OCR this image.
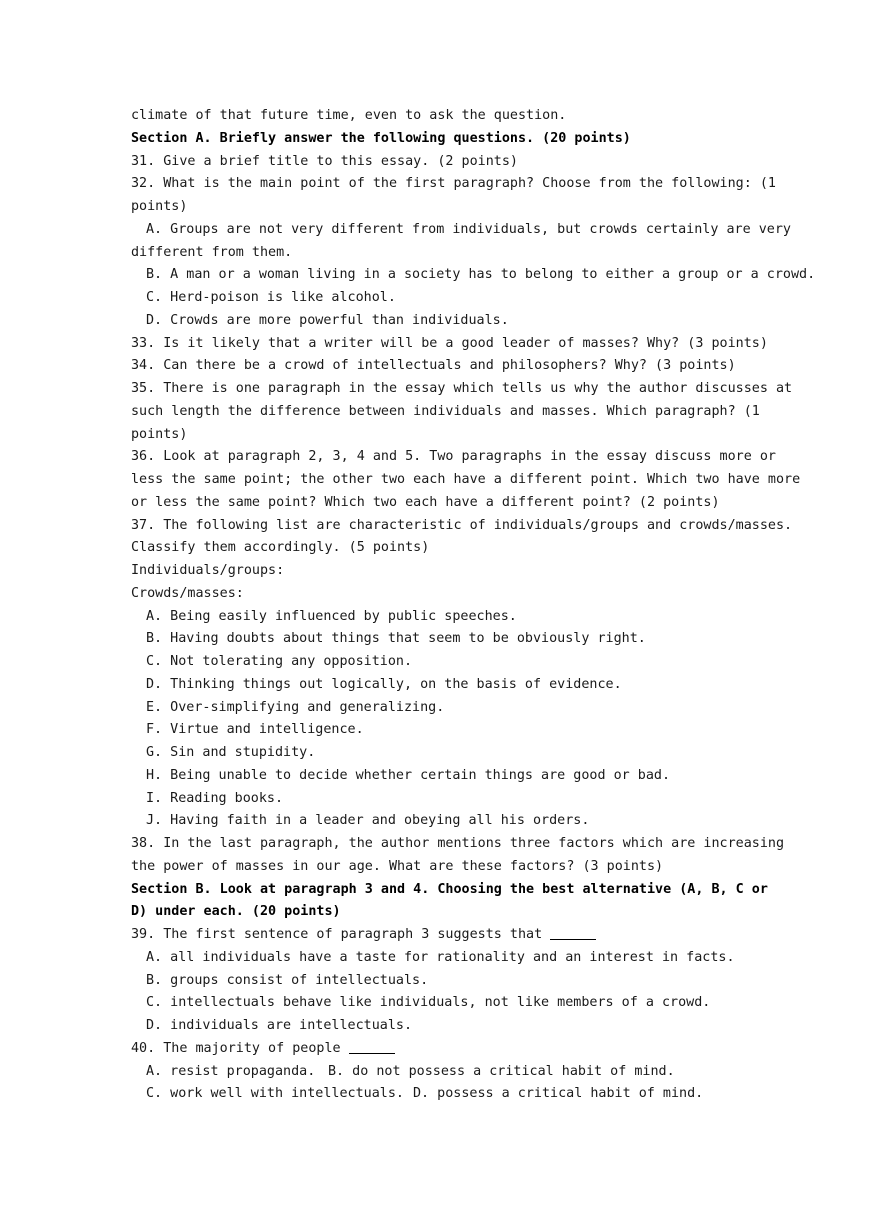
climate of that future time, even to ask the question.
Section A. Briefly answer the following questions. (20 points)
31. Give a brief title to this essay. (2 points)
32. What is the main point of the first paragraph? Choose from the following: (1
points)
A. Groups are not very different from individuals, but crowds certainly are very
different from them.
B. A man or a woman living in a society has to belong to either a group or a crowd.
C. Herd-poison is like alcohol.
D. Crowds are more powerful than individuals.
33. Is it likely that a writer will be a good leader of masses? Why? (3 points)
34. Can there be a crowd of intellectuals and philosophers? Why? (3 points)
35. There is one paragraph in the essay which tells us why the author discusses at
such length the difference between individuals and masses. Which paragraph? (1
points)
36. Look at paragraph 2, 3, 4 and 5. Two paragraphs in the essay discuss more or
less the same point; the other two each have a different point. Which two have more
or less the same point? Which two each have a different point? (2 points)
37. The following list are characteristic of individuals/groups and crowds/masses.
Classify them accordingly. (5 points)
Individuals/groups:
Crowds/masses:
A. Being easily influenced by public speeches.
B. Having doubts about things that seem to be obviously right.
C. Not tolerating any opposition.
D. Thinking things out logically, on the basis of evidence.
E. Over-simplifying and generalizing.
F. Virtue and intelligence.
G. Sin and stupidity.
H. Being unable to decide whether certain things are good or bad.
I. Reading books.
J. Having faith in a leader and obeying all his orders.
38. In the last paragraph, the author mentions three factors which are increasing
the power of masses in our age. What are these factors? (3 points)
Section B. Look at paragraph 3 and 4. Choosing the best alternative (A, B, C or
D) under each. (20 points)
39. The first sentence of paragraph 3 suggests that
A. all individuals have a taste for rationality and an interest in facts.
B. groups consist of intellectuals.
C. intellectuals behave like individuals, not like members of a crowd.
D. individuals are intellectuals.
40. The majority of people
A. resist propaganda. B. do not possess a critical habit of mind.
C. work well with intellectuals. D. possess a critical habit of mind.
